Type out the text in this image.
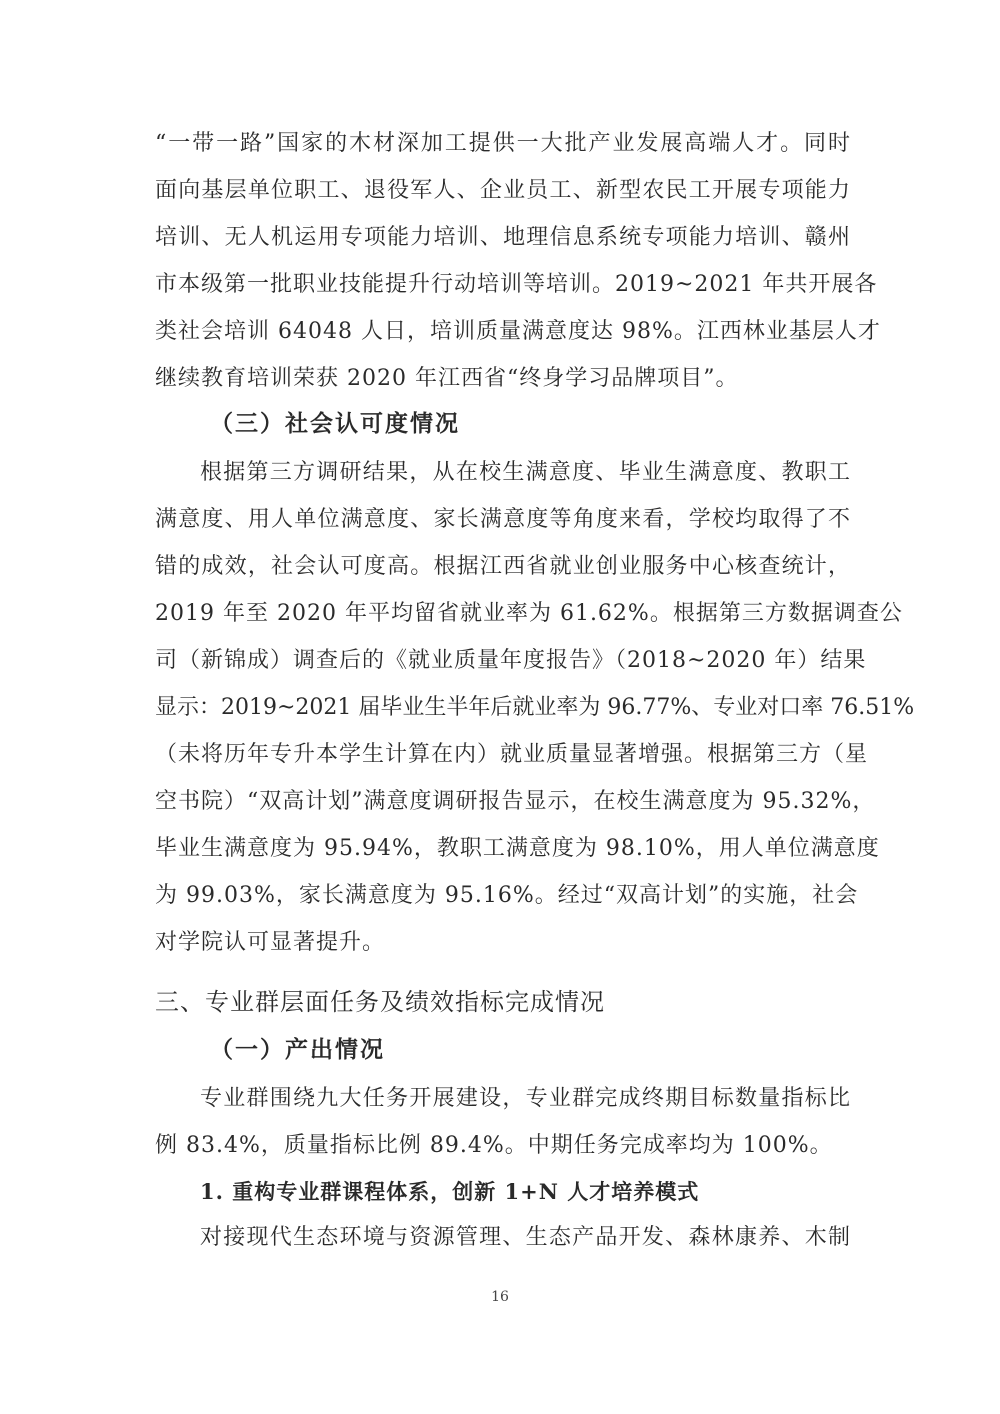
“一带一路”国家的木材深加工提供一大批产业发展高端人才。同时
面向基层单位职工、退役军人、企业员工、新型农民工开展专项能力
培训、无人机运用专项能力培训、地理信息系统专项能力培训、赣州
市本级第一批职业技能提升行动培训等培训。2019~2021 年共开展各
类社会培训 64048 人日，培训质量满意度达 98%。江西林业基层人才
继续教育培训荣获 2020 年江西省“终身学习品牌项目”。
（三）社会认可度情况
根据第三方调研结果，从在校生满意度、毕业生满意度、教职工
满意度、用人单位满意度、家长满意度等角度来看，学校均取得了不
错的成效，社会认可度高。根据江西省就业创业服务中心核查统计，
2019 年至 2020 年平均留省就业率为 61.62%。根据第三方数据调查公
司（新锦成）调查后的《就业质量年度报告》（2018~2020 年）结果
显示：2019~2021 届毕业生半年后就业率为 96.77%、专业对口率 76.51%
（未将历年专升本学生计算在内）就业质量显著增强。根据第三方（星
空书院）“双高计划”满意度调研报告显示，在校生满意度为 95.32%，
毕业生满意度为 95.94%，教职工满意度为 98.10%，用人单位满意度
为 99.03%，家长满意度为 95.16%。经过“双高计划”的实施，社会
对学院认可显著提升。
三、专业群层面任务及绩效指标完成情况
（一）产出情况
专业群围绕九大任务开展建设，专业群完成终期目标数量指标比
例 83.4%，质量指标比例 89.4%。中期任务完成率均为 100%。
1. 重构专业群课程体系，创新 1+N 人才培养模式
对接现代生态环境与资源管理、生态产品开发、森林康养、木制
16
